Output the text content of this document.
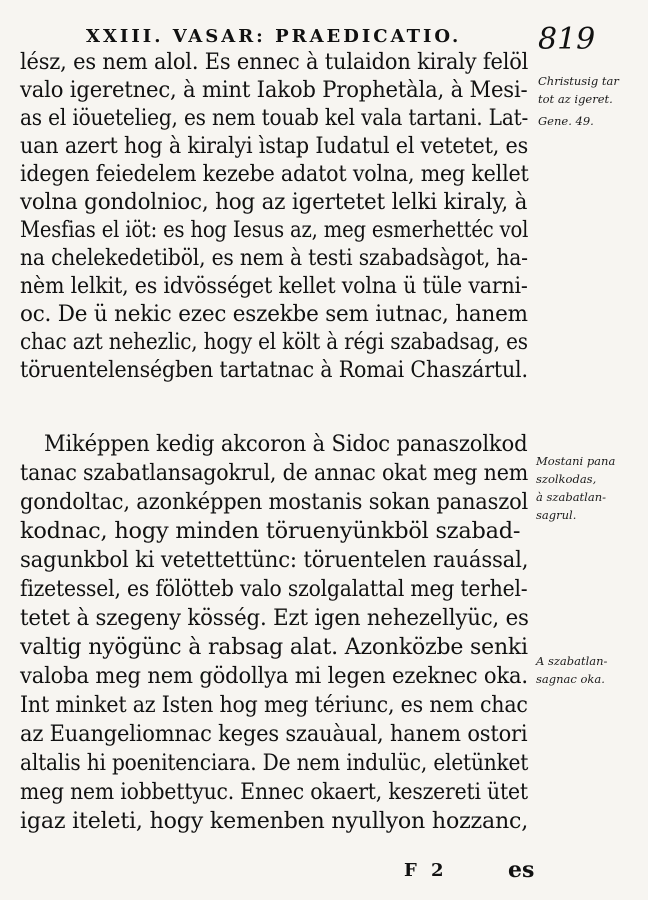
XXIII. VASAR: PRAEDICATIO.	819
lész, es nem alol. Es ennec à tulaidon kiraly felöl
valo igeretnec, à mint Iakob Prophetàla, à Mesi-
as el iöuetelieg, es nem touab kel vala tartani. Lat-
uan azert hog à kiralyi ìstap Iudatul el vetetet, es
idegen feiedelem kezebe adatot volna, meg kellet
volna gondolnioc, hog az igertetet lelki kiraly, à
Mesfias el iöt: es hog Iesus az, meg esmerhettéc vol
na chelekedetiböl, es nem à testi szabadsàgot, ha-
nèm lelkit, es idvösséget kellet volna ü tüle varni-
oc. De ü nekic ezec eszekbe sem iutnac, hanem
chac azt nehezlic, hogy el költ à régi szabadsag, es
töruentelenségben tartatnac à Romai Chaszártul.
Miképpen kedig akcoron à Sidoc panaszolkod
tanac szabatlansagokrul, de annac okat meg nem
gondoltac, azonképpen mostanis sokan panaszol
kodnac, hogy minden töruenyünkböl szabad-
sagunkbol ki vetettettünc: töruentelen rauással,
fizetessel, es fölötteb valo szolgalattal meg terhel-
tetet à szegeny kösség. Ezt igen nehezellyüc, es
valtig nyögünc à rabsag alat. Azonközbe senki
valoba meg nem gödollya mi legen ezeknec oka.
Int minket az Isten hog meg tériunc, es nem chac
az Euangeliomnac keges szauàual, hanem ostori
altalis hi poenitenciara. De nem indulüc, eletünket
meg nem iobbettyuc. Ennec okaert, keszereti ütet
igaz iteleti, hogy kemenben nyullyon hozzanc,
Christusig tar
tot az igeret.
Gene. 49.
Mostani pana
szolkodas,
à szabatlan-
sagrul.
A szabatlan-
sagnac oka.
F 2	es
